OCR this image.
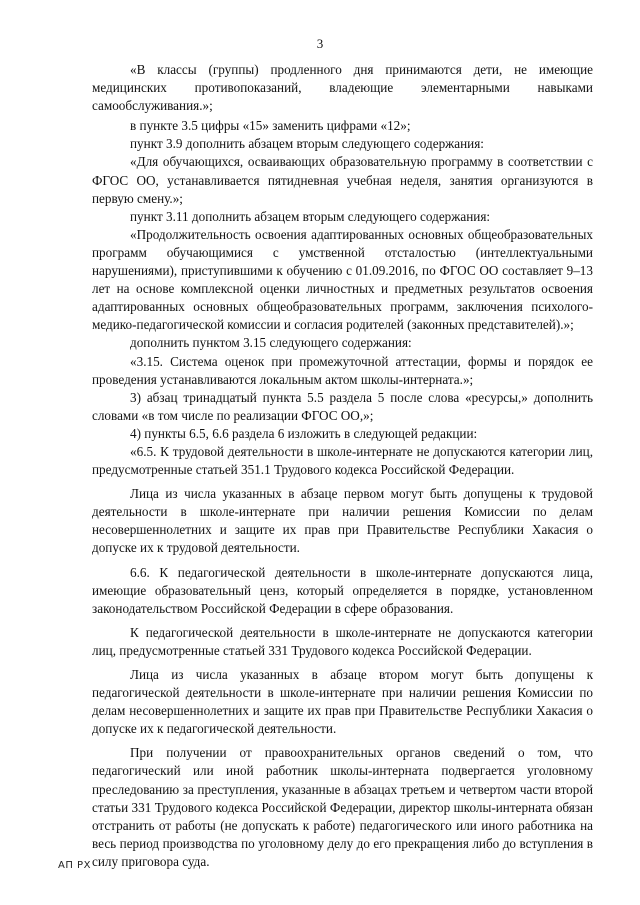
3

«В классы (группы) продленного дня принимаются дети, не имеющие медицинских противопоказаний, владеющие элементарными навыками самообслуживания.»;

в пункте 3.5 цифры «15» заменить цифрами «12»;

пункт 3.9 дополнить абзацем вторым следующего содержания:

«Для обучающихся, осваивающих образовательную программу в соответствии с ФГОС ОО, устанавливается пятидневная учебная неделя, занятия организуются в первую смену.»;

пункт 3.11 дополнить абзацем вторым следующего содержания:

«Продолжительность освоения адаптированных основных общеобразовательных программ обучающимися с умственной отсталостью (интеллектуальными нарушениями), приступившими к обучению с 01.09.2016, по ФГОС ОО составляет 9–13 лет на основе комплексной оценки личностных и предметных результатов освоения адаптированных основных общеобразовательных программ, заключения психолого-медико-педагогической комиссии и согласия родителей (законных представителей).»;

дополнить пунктом 3.15 следующего содержания:

«3.15. Система оценок при промежуточной аттестации, формы и порядок ее проведения устанавливаются локальным актом школы-интерната.»;

3) абзац тринадцатый пункта 5.5 раздела 5 после слова «ресурсы,» дополнить словами «в том числе по реализации ФГОС ОО,»;

4) пункты 6.5, 6.6 раздела 6 изложить в следующей редакции:

«6.5. К трудовой деятельности в школе-интернате не допускаются категории лиц, предусмотренные статьей 351.1 Трудового кодекса Российской Федерации.

Лица из числа указанных в абзаце первом могут быть допущены к трудовой деятельности в школе-интернате при наличии решения Комиссии по делам несовершеннолетних и защите их прав при Правительстве Республики Хакасия о допуске их к трудовой деятельности.

6.6. К педагогической деятельности в школе-интернате допускаются лица, имеющие образовательный ценз, который определяется в порядке, установленном законодательством Российской Федерации в сфере образования.

К педагогической деятельности в школе-интернате не допускаются категории лиц, предусмотренные статьей 331 Трудового кодекса Российской Федерации.

Лица из числа указанных в абзаце втором могут быть допущены к педагогической деятельности в школе-интернате при наличии решения Комиссии по делам несовершеннолетних и защите их прав при Правительстве Республики Хакасия о допуске их к педагогической деятельности.

При получении от правоохранительных органов сведений о том, что педагогический или иной работник школы-интерната подвергается уголовному преследованию за преступления, указанные в абзацах третьем и четвертом части второй статьи 331 Трудового кодекса Российской Федерации, директор школы-интерната обязан отстранить от работы (не допускать к работе) педагогического или иного работника на весь период производства по уголовному делу до его прекращения либо до вступления в силу приговора суда.

АП РХ
